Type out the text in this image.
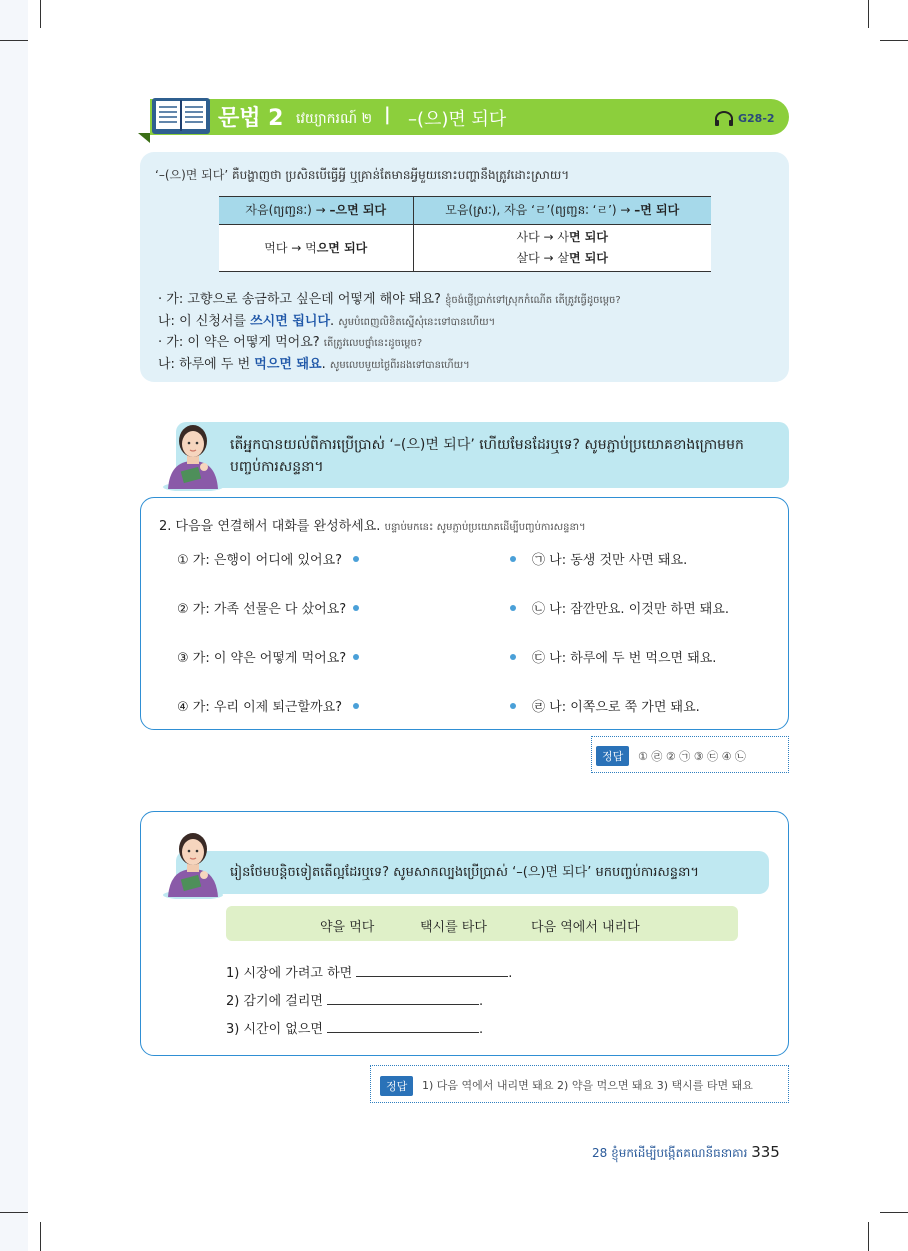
문법 2 វេយ្យាករណ៍ ២ | –(으)면 되다	G28-2
‘–(으)면 되다’ គឺបង្ហាញថា ប្រសិនបើធ្វើអ្វី ឬគ្រាន់តែមានអ្វីមួយនោះបញ្ហានឹងត្រូវដោះស្រាយ។
자음(ព្យញ្ជនៈ) → –으면 되다	모음(ស្រៈ), 자음 ‘ㄹ’(ព្យញ្ជនៈ ‘ㄹ’) → –면 되다
먹다 → 먹으면 되다	사다 → 사면 되다
살다 → 살면 되다
· 가: 고향으로 송금하고 싶은데 어떻게 해야 돼요? ខ្ញុំចង់ផ្ញើប្រាក់ទៅស្រុកកំណើត តើត្រូវធ្វើដូចម្ដេច?
나: 이 신청서를 쓰시면 됩니다. សូមបំពេញលិខិតស្នើសុំនេះទៅបានហើយ។
· 가: 이 약은 어떻게 먹어요? តើត្រូវលេបថ្នាំនេះដូចម្ដេច?
나: 하루에 두 번 먹으면 돼요. សូមលេបមួយថ្ងៃពីរដងទៅបានហើយ។
តើអ្នកបានយល់ពីការប្រើប្រាស់ ‘–(으)면 되다’ ហើយមែនដែរឬទេ? សូមភ្ជាប់ប្រយោគខាងក្រោមមក
បញ្ចប់ការសន្ទនា។
2. 다음을 연결해서 대화를 완성하세요. បន្ទាប់មកនេះ សូមភ្ជាប់ប្រយោគដើម្បីបញ្ចប់ការសន្ទនា។
① 가: 은행이 어디에 있어요?
② 가: 가족 선물은 다 샀어요?
③ 가: 이 약은 어떻게 먹어요?
④ 가: 우리 이제 퇴근할까요?
㉠ 나: 동생 것만 사면 돼요.
㉡ 나: 잠깐만요. 이것만 하면 돼요.
㉢ 나: 하루에 두 번 먹으면 돼요.
㉣ 나: 이쪽으로 쭉 가면 돼요.
정답	① ㉣ ② ㉠ ③ ㉢ ④ ㉡
រៀនថែមបន្តិចទៀតតើល្អដែរឬទេ? សូមសាកល្បងប្រើប្រាស់ ‘–(으)면 되다’ មកបញ្ចប់ការសន្ទនា។
약을 먹다	택시를 타다	다음 역에서 내리다
1) 시장에 가려고 하면	.
2) 감기에 걸리면	.
3) 시간이 없으면	.
정답	1) 다음 역에서 내리면 돼요 2) 약을 먹으면 돼요 3) 택시를 타면 돼요
28 ខ្ញុំមកដើម្បីបង្កើតគណនីធនាគារ 335
